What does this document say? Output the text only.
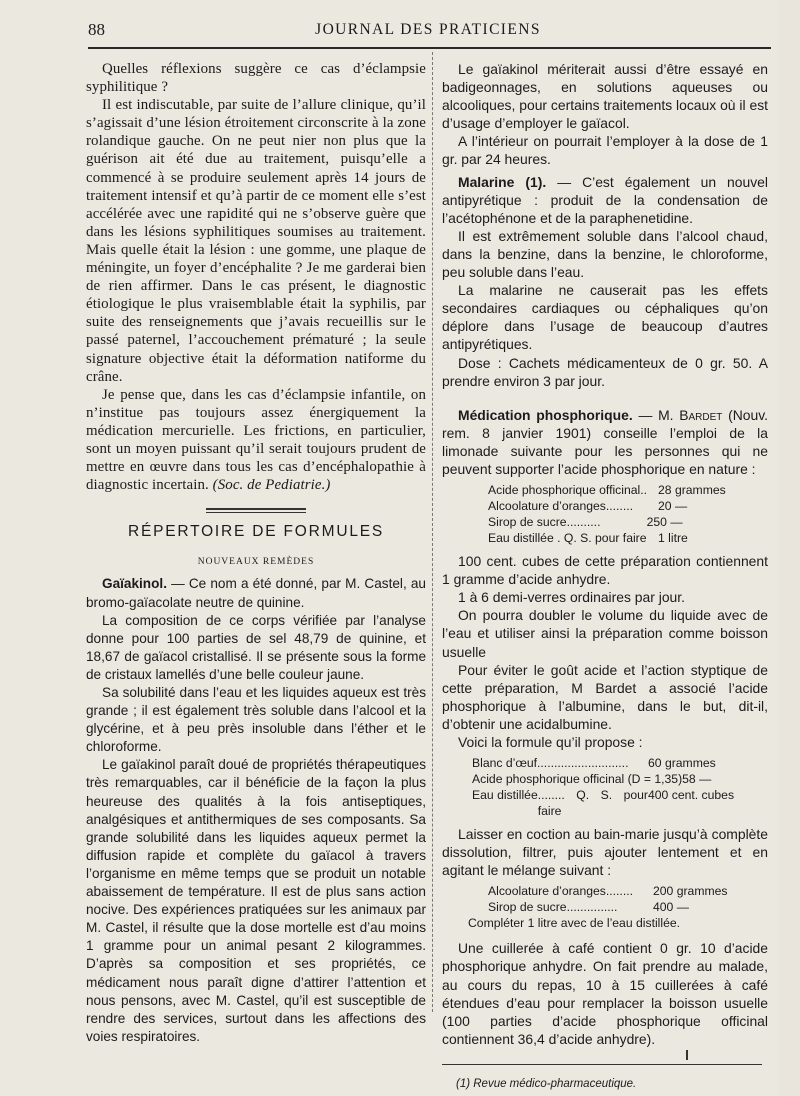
88	JOURNAL DES PRATICIENS

Quelles réflexions suggère ce cas d’éclampsie syphilitique ?

Il est indiscutable, par suite de l’allure clinique, qu’il s’agissait d’une lésion étroitement circonscrite à la zone rolandique gauche. On ne peut nier non plus que la guérison ait été due au traitement, puisqu’elle a commencé à se produire seulement après 14 jours de traitement intensif et qu’à partir de ce moment elle s’est accélérée avec une rapidité qui ne s’observe guère que dans les lésions syphilitiques soumises au traitement. Mais quelle était la lésion : une gomme, une plaque de méningite, un foyer d’encéphalite ? Je me garderai bien de rien affirmer. Dans le cas présent, le diagnostic étiologique le plus vraisemblable était la syphilis, par suite des renseignements que j’avais recueillis sur le passé paternel, l’accouchement prématuré ; la seule signature objective était la déformation natiforme du crâne.

Je pense que, dans les cas d’éclampsie infantile, on n’institue pas toujours assez énergiquement la médication mercurielle. Les frictions, en particulier, sont un moyen puissant qu’il serait toujours prudent de mettre en œuvre dans tous les cas d’encéphalopathie à diagnostic incertain. (Soc. de Pediatrie.)

RÉPERTOIRE DE FORMULES
NOUVEAUX REMÈDES

Gaïakinol. — Ce nom a été donné, par M. Castel, au bromo-gaïacolate neutre de quinine.

La composition de ce corps vérifiée par l’analyse donne pour 100 parties de sel 48,79 de quinine, et 18,67 de gaïacol cristallisé. Il se présente sous la forme de cristaux lamellés d’une belle couleur jaune.

Sa solubilité dans l’eau et les liquides aqueux est très grande ; il est également très soluble dans l’alcool et la glycérine, et à peu près insoluble dans l’éther et le chloroforme.

Le gaïakinol paraît doué de propriétés thérapeutiques très remarquables, car il bénéficie de la façon la plus heureuse des qualités à la fois antiseptiques, analgésiques et antithermiques de ses composants. Sa grande solubilité dans les liquides aqueux permet la diffusion rapide et complète du gaïacol à travers l’organisme en même temps que se produit un notable abaissement de température. Il est de plus sans action nocive. Des expériences pratiquées sur les animaux par M. Castel, il résulte que la dose mortelle est d’au moins 1 gramme pour un animal pesant 2 kilogrammes. D’après sa composition et ses propriétés, ce médicament nous paraît digne d’attirer l’attention et nous pensons, avec M. Castel, qu’il est susceptible de rendre des services, surtout dans les affections des voies respiratoires.

Le gaïakinol mériterait aussi d’être essayé en badigeonnages, en solutions aqueuses ou alcooliques, pour certains traitements locaux où il est d’usage d’employer le gaïacol.

A l’intérieur on pourrait l’employer à la dose de 1 gr. par 24 heures.

Malarine (1). — C’est également un nouvel antipyrétique : produit de la condensation de l’acétophénone et de la paraphenetidine.

Il est extrêmement soluble dans l’alcool chaud, dans la benzine, dans la benzine, le chloroforme, peu soluble dans l’eau.

La malarine ne causerait pas les effets secondaires cardiaques ou céphaliques qu’on déplore dans l’usage de beaucoup d’autres antipyrétiques.

Dose : Cachets médicamenteux de 0 gr. 50. A prendre environ 3 par jour.

Médication phosphorique. — M. Bardet (Nouv. rem. 8 janvier 1901) conseille l’emploi de la limonade suivante pour les personnes qui ne peuvent supporter l’acide phosphorique en nature :

Acide phosphorique officinal .. 28 grammes
Alcoolature d’oranges ........	20 —
Sirop de sucre ..........	250 —
Eau distillée . Q. S. pour faire 1 litre

100 cent. cubes de cette préparation contiennent 1 gramme d’acide anhydre.

1 à 6 demi-verres ordinaires par jour.

On pourra doubler le volume du liquide avec de l’eau et utiliser ainsi la préparation comme boisson usuelle

Pour éviter le goût acide et l’action styptique de cette préparation, M Bardet a associé l’acide phosphorique à l’albumine, dans le but, dit-il, d’obtenir une acidalbumine.

Voici la formule qu’il propose :

Blanc d’œuf ...........................	60 grammes
Acide phosphorique officinal (D = 1,35) 58 —
Eau distillée ........ Q. S. pour faire
400 cent. cubes

Laisser en coction au bain-marie jusqu’à complète dissolution, filtrer, puis ajouter lentement et en agitant le mélange suivant :

Alcoolature d’oranges ........	200 grammes
Sirop de sucre ...............	400 —
Compléter 1 litre avec de l’eau distillée.

Une cuillerée à café contient 0 gr. 10 d’acide phosphorique anhydre. On fait prendre au malade, au cours du repas, 10 à 15 cuillerées à café étendues d’eau pour remplacer la boisson usuelle (100 parties d’acide phosphorique officinal contiennent 36,4 d’acide anhydre).

(1) Revue médico-pharmaceutique.
